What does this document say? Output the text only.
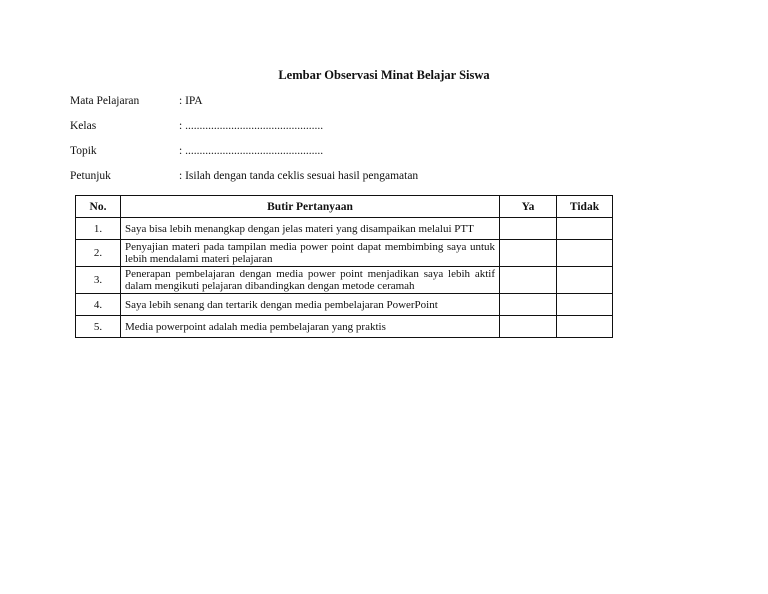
Lembar Observasi Minat Belajar Siswa
Mata Pelajaran	: IPA
Kelas	: ................................................
Topik	: ................................................
Petunjuk	: Isilah dengan tanda ceklis sesuai hasil pengamatan
No.	Butir Pertanyaan	Ya	Tidak
1.	Saya bisa lebih menangkap dengan jelas materi yang disampaikan melalui PTT		
2.	Penyajian materi pada tampilan media power point dapat membimbing saya untuk lebih mendalami materi pelajaran		
3.	Penerapan pembelajaran dengan media power point menjadikan saya lebih aktif dalam mengikuti pelajaran dibandingkan dengan metode ceramah		
4.	Saya lebih senang dan tertarik dengan media pembelajaran PowerPoint		
5.	Media powerpoint adalah media pembelajaran yang praktis		
